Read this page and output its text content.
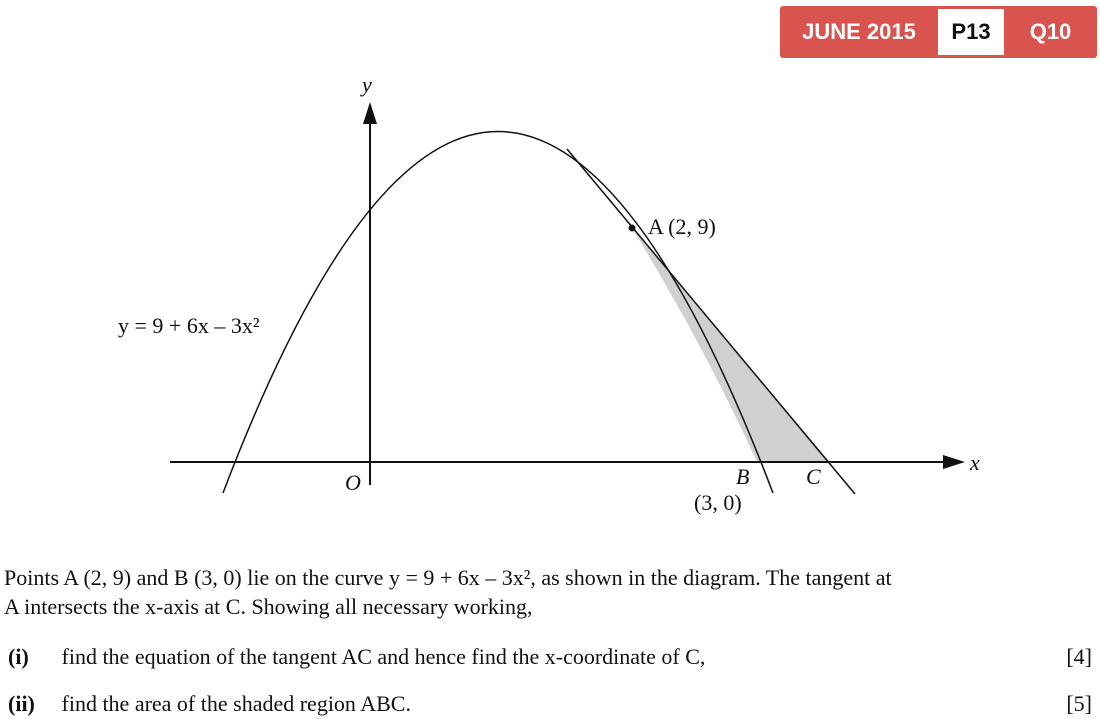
JUNE 2015	P13	Q10
y
x
O
y = 9 + 6x – 3x²
A (2, 9)
B
(3, 0)
C

Points A (2, 9) and B (3, 0) lie on the curve y = 9 + 6x – 3x², as shown in the diagram. The tangent at

A intersects the x-axis at C. Showing all necessary working,

(i) find the equation of the tangent AC and hence find the x-coordinate of C,	[4]
(ii) find the area of the shaded region ABC.	[5]
